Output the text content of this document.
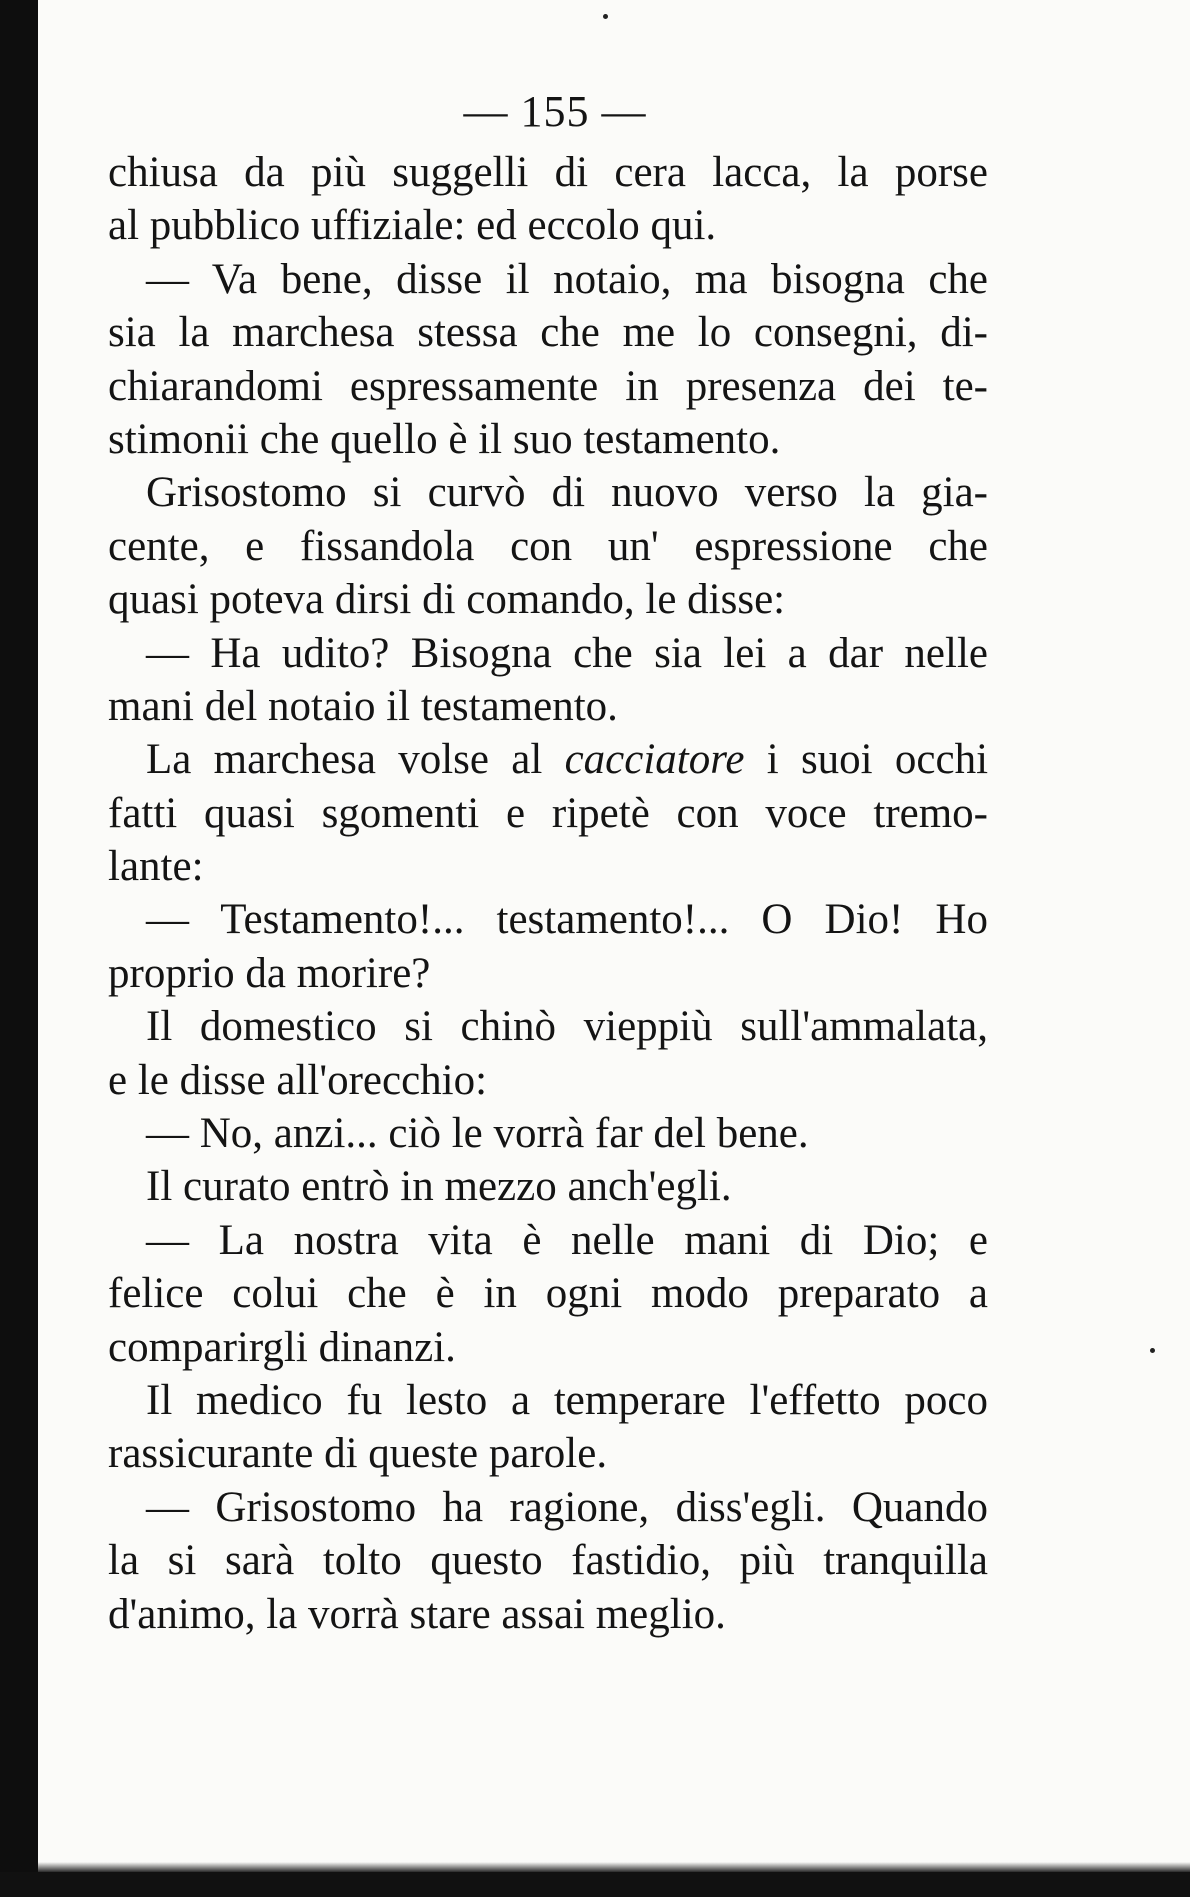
— 155 —
chiusa da più suggelli di cera lacca, la porse
al pubblico uffiziale: ed eccolo qui.
— Va bene, disse il notaio, ma bisogna che
sia la marchesa stessa che me lo consegni, di-
chiarandomi espressamente in presenza dei te-
stimonii che quello è il suo testamento.
Grisostomo si curvò di nuovo verso la gia-
cente, e fissandola con un' espressione che
quasi poteva dirsi di comando, le disse:
— Ha udito? Bisogna che sia lei a dar nelle
mani del notaio il testamento.
La marchesa volse al cacciatore i suoi occhi
fatti quasi sgomenti e ripetè con voce tremo-
lante:
— Testamento!... testamento!... O Dio! Ho
proprio da morire?
Il domestico si chinò vieppiù sull'ammalata,
e le disse all'orecchio:
— No, anzi... ciò le vorrà far del bene.
Il curato entrò in mezzo anch'egli.
— La nostra vita è nelle mani di Dio; e
felice colui che è in ogni modo preparato a
comparirgli dinanzi.
Il medico fu lesto a temperare l'effetto poco
rassicurante di queste parole.
— Grisostomo ha ragione, diss'egli. Quando
la si sarà tolto questo fastidio, più tranquilla
d'animo, la vorrà stare assai meglio.
